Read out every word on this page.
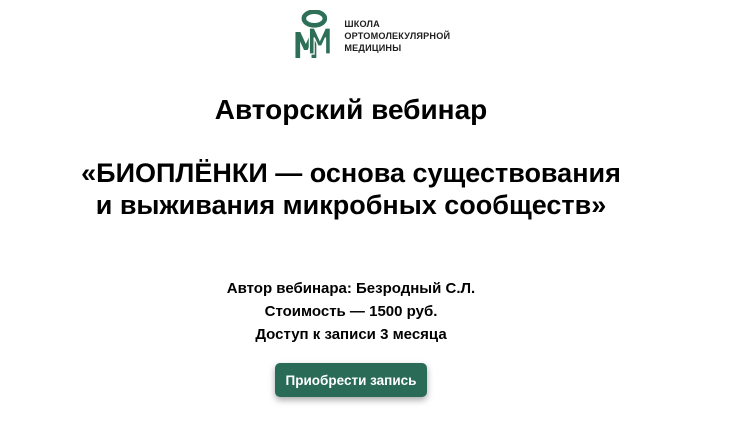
ШКОЛА
ОРТОМОЛЕКУЛЯРНОЙ
МЕДИЦИНЫ
Авторский вебинар
«БИОПЛЁНКИ — основа существования
и выживания микробных сообществ»

Автор вебинара: Безродный С.Л.

Стоимость — 1500 руб.

Доступ к записи 3 месяца

Приобрести запись
